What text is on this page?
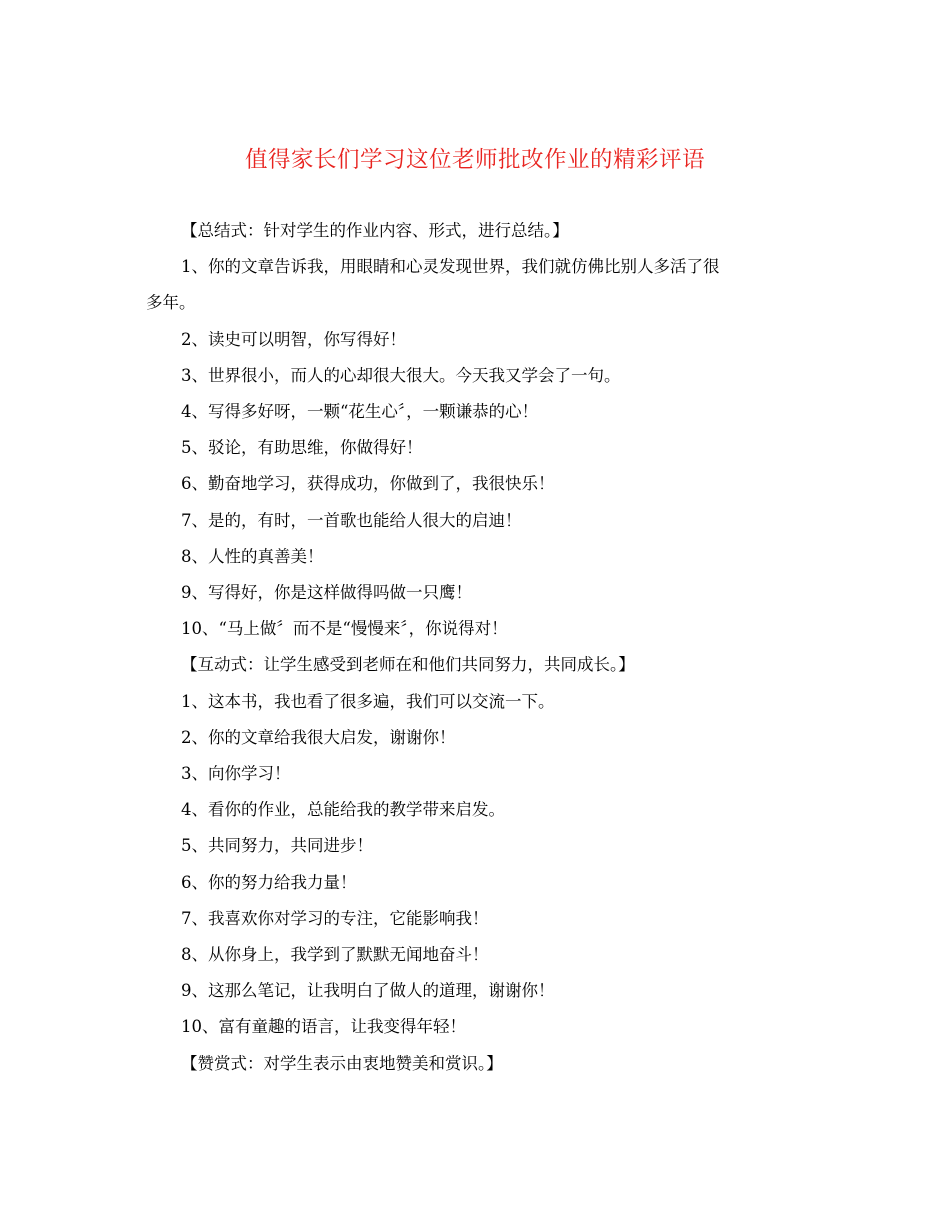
值得家长们学习这位老师批改作业的精彩评语

【总结式：针对学生的作业内容、形式，进行总结。】

1、你的文章告诉我，用眼睛和心灵发现世界，我们就仿佛比别人多活了很

多年。

2、读史可以明智，你写得好！

3、世界很小，而人的心却很大很大。今天我又学会了一句。

4、写得多好呀，一颗“花生心〞，一颗谦恭的心！

5、驳论，有助思维，你做得好！

6、勤奋地学习，获得成功，你做到了，我很快乐！

7、是的，有时，一首歌也能给人很大的启迪！

8、人性的真善美！

9、写得好，你是这样做得吗做一只鹰！

10、“马上做〞而不是“慢慢来〞，你说得对！

【互动式：让学生感受到老师在和他们共同努力，共同成长。】

1、这本书，我也看了很多遍，我们可以交流一下。

2、你的文章给我很大启发，谢谢你！

3、向你学习！

4、看你的作业，总能给我的教学带来启发。

5、共同努力，共同进步！

6、你的努力给我力量！

7、我喜欢你对学习的专注，它能影响我！

8、从你身上，我学到了默默无闻地奋斗！

9、这那么笔记，让我明白了做人的道理，谢谢你！

10、富有童趣的语言，让我变得年轻！

【赞赏式：对学生表示由衷地赞美和赏识。】
